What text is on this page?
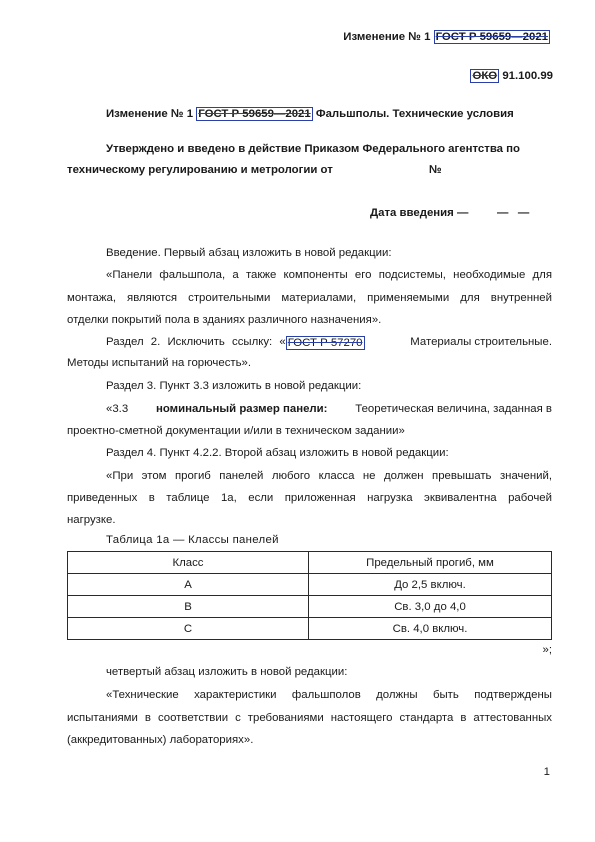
Изменение № 1 ГОСТ Р 59659—2021
ОКО 91.100.99
Изменение № 1 ГОСТ Р 59659—2021 Фальшполы. Технические условия
Утверждено и введено в действие Приказом Федерального агентства по
техническому регулированию и метрологии от	№
Дата введения —	—   —
Введение. Первый абзац изложить в новой редакции:
«Панели фальшпола, а также компоненты его подсистемы, необходимые для
монтажа, являются строительными материалами, применяемыми для внутренней
отделки покрытий пола в зданиях различного назначения».
Раздел 2. Исключить ссылку: « ГОСТ Р 57270	Материалы строительные.
Методы испытаний на горючесть».
Раздел 3. Пункт 3.3 изложить в новой редакции:
«3.3 номинальный размер панели: Теоретическая величина, заданная в
проектно-сметной документации и/или в техническом задании»
Раздел 4. Пункт 4.2.2. Второй абзац изложить в новой редакции:
«При этом прогиб панелей любого класса не должен превышать значений,
приведенных в таблице 1а, если приложенная нагрузка эквивалентна рабочей
нагрузке.
Таблица 1а — Классы панелей
Класс	Предельный прогиб, мм
А	До 2,5 включ.
В	Св. 3,0 до 4,0
С	Св. 4,0 включ.
»;
четвертый абзац изложить в новой редакции:
«Технические характеристики фальшполов должны быть подтверждены
испытаниями в соответствии с требованиями настоящего стандарта в аттестованных
(аккредитованных) лабораториях».
1
